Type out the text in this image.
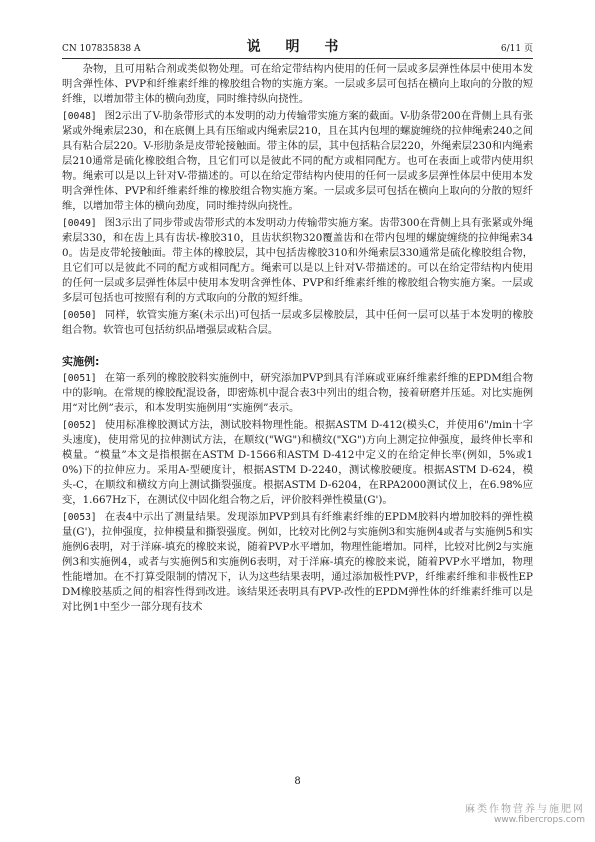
CN 107835838 A	说 明 书	6/11 页

杂物，且可用粘合剂或类似物处理。可在给定带结构内使用的任何一层或多层弹性体层中使用本发明含弹性体、PVP和纤维素纤维的橡胶组合物的实施方案。一层或多层可包括在横向上取向的分散的短纤维，以增加带主体的横向劲度，同时维持纵向挠性。

[0048] 图2示出了V-肋条带形式的本发明的动力传输带实施方案的截面。V-肋条带200在背侧上具有张紧或外绳索层230，和在底侧上具有压缩或内绳索层210，且在其内包埋的螺旋缠绕的拉伸绳索240之间具有粘合层220。V-形肋条是皮带轮接触面。带主体的层，其中包括粘合层220，外绳索层230和内绳索层210通常是硫化橡胶组合物，且它们可以是彼此不同的配方或相同配方。也可在表面上或带内使用织物。绳索可以是以上针对V-带描述的。可以在给定带结构内使用的任何一层或多层弹性体层中使用本发明含弹性体、PVP和纤维素纤维的橡胶组合物实施方案。一层或多层可包括在横向上取向的分散的短纤维，以增加带主体的横向劲度，同时维持纵向挠性。

[0049] 图3示出了同步带或齿带形式的本发明动力传输带实施方案。齿带300在背侧上具有张紧或外绳索层330，和在齿上具有齿状-橡胶310，且齿状织物320覆盖齿和在带内包埋的螺旋缠绕的拉伸绳索340。齿是皮带轮接触面。带主体的橡胶层，其中包括齿橡胶310和外绳索层330通常是硫化橡胶组合物，且它们可以是彼此不同的配方或相同配方。绳索可以是以上针对V-带描述的。可以在给定带结构内使用的任何一层或多层弹性体层中使用本发明含弹性体、PVP和纤维素纤维的橡胶组合物实施方案。一层或多层可包括也可按照有利的方式取向的分散的短纤维。

[0050] 同样，软管实施方案(未示出)可包括一层或多层橡胶层，其中任何一层可以基于本发明的橡胶组合物。软管也可包括纺织品增强层或粘合层。

实施例:

[0051] 在第一系列的橡胶胶料实施例中，研究添加PVP到具有洋麻或亚麻纤维素纤维的EPDM组合物中的影响。在常规的橡胶配混设备，即密炼机中混合表3中列出的组合物，接着研磨并压延。对比实施例用“对比例”表示，和本发明实施例用“实施例”表示。

[0052] 使用标准橡胶测试方法，测试胶料物理性能。根据ASTM D-412(模头C，并使用6"/min十字头速度)，使用常见的拉伸测试方法，在顺纹("WG")和横纹("XG")方向上测定拉伸强度，最终伸长率和模量。“模量”本文是指根据在ASTM D-1566和ASTM D-412中定义的在给定伸长率(例如，5%或10%)下的拉伸应力。采用A-型硬度计，根据ASTM D-2240，测试橡胶硬度。根据ASTM D-624，模头-C，在顺纹和横纹方向上测试撕裂强度。根据ASTM D-6204，在RPA2000测试仪上，在6.98%应变，1.667Hz下，在测试仪中固化组合物之后，评价胶料弹性模量(G')。

[0053] 在表4中示出了测量结果。发现添加PVP到具有纤维素纤维的EPDM胶料内增加胶料的弹性模量(G')，拉伸强度，拉伸模量和撕裂强度。例如，比较对比例2与实施例3和实施例4或者与实施例5和实施例6表明，对于洋麻-填充的橡胶来说，随着PVP水平增加，物理性能增加。同样，比较对比例2与实施例3和实施例4，或者与实施例5和实施例6表明，对于洋麻-填充的橡胶来说，随着PVP水平增加，物理性能增加。在不打算受限制的情况下，认为这些结果表明，通过添加极性PVP，纤维素纤维和非极性EPDM橡胶基质之间的相容性得到改进。该结果还表明具有PVP-改性的EPDM弹性体的纤维素纤维可以是对比例1中至少一部分现有技术

8
麻类作物营养与施肥网
www.fibercrops.com
